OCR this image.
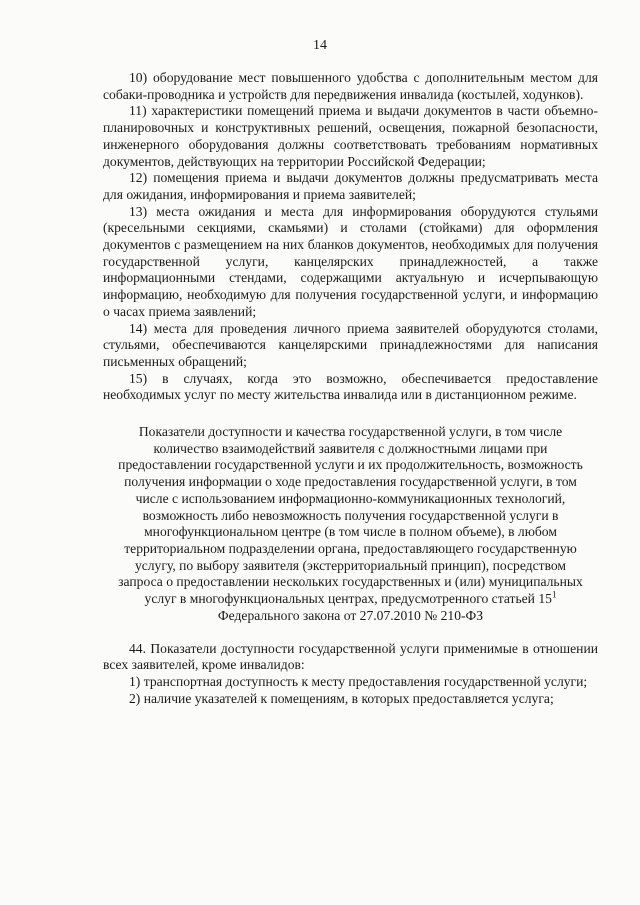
14

10) оборудование мест повышенного удобства с дополнительным местом для собаки-проводника и устройств для передвижения инвалида (костылей, ходунков).

11) характеристики помещений приема и выдачи документов в части объемно-планировочных и конструктивных решений, освещения, пожарной безопасности, инженерного оборудования должны соответствовать требованиям нормативных документов, действующих на территории Российской Федерации;

12) помещения приема и выдачи документов должны предусматривать места для ожидания, информирования и приема заявителей;

13) места ожидания и места для информирования оборудуются стульями (кресельными секциями, скамьями) и столами (стойками) для оформления документов с размещением на них бланков документов, необходимых для получения государственной услуги, канцелярских принадлежностей, а также информационными стендами, содержащими актуальную и исчерпывающую информацию, необходимую для получения государственной услуги, и информацию о часах приема заявлений;

14) места для проведения личного приема заявителей оборудуются столами, стульями, обеспечиваются канцелярскими принадлежностями для написания письменных обращений;

15) в случаях, когда это возможно, обеспечивается предоставление необходимых услуг по месту жительства инвалида или в дистанционном режиме.

Показатели доступности и качества государственной услуги, в том числе количество взаимодействий заявителя с должностными лицами при предоставлении государственной услуги и их продолжительность, возможность получения информации о ходе предоставления государственной услуги, в том числе с использованием информационно-коммуникационных технологий, возможность либо невозможность получения государственной услуги в многофункциональном центре (в том числе в полном объеме), в любом территориальном подразделении органа, предоставляющего государственную услугу, по выбору заявителя (экстерриториальный принцип), посредством запроса о предоставлении нескольких государственных и (или) муниципальных услуг в многофункциональных центрах, предусмотренного статьей $15^1$
Федерального закона от 27.07.2010 № 210-ФЗ

44. Показатели доступности государственной услуги применимые в отношении всех заявителей, кроме инвалидов:

1) транспортная доступность к месту предоставления государственной услуги;

2) наличие указателей к помещениям, в которых предоставляется услуга;
